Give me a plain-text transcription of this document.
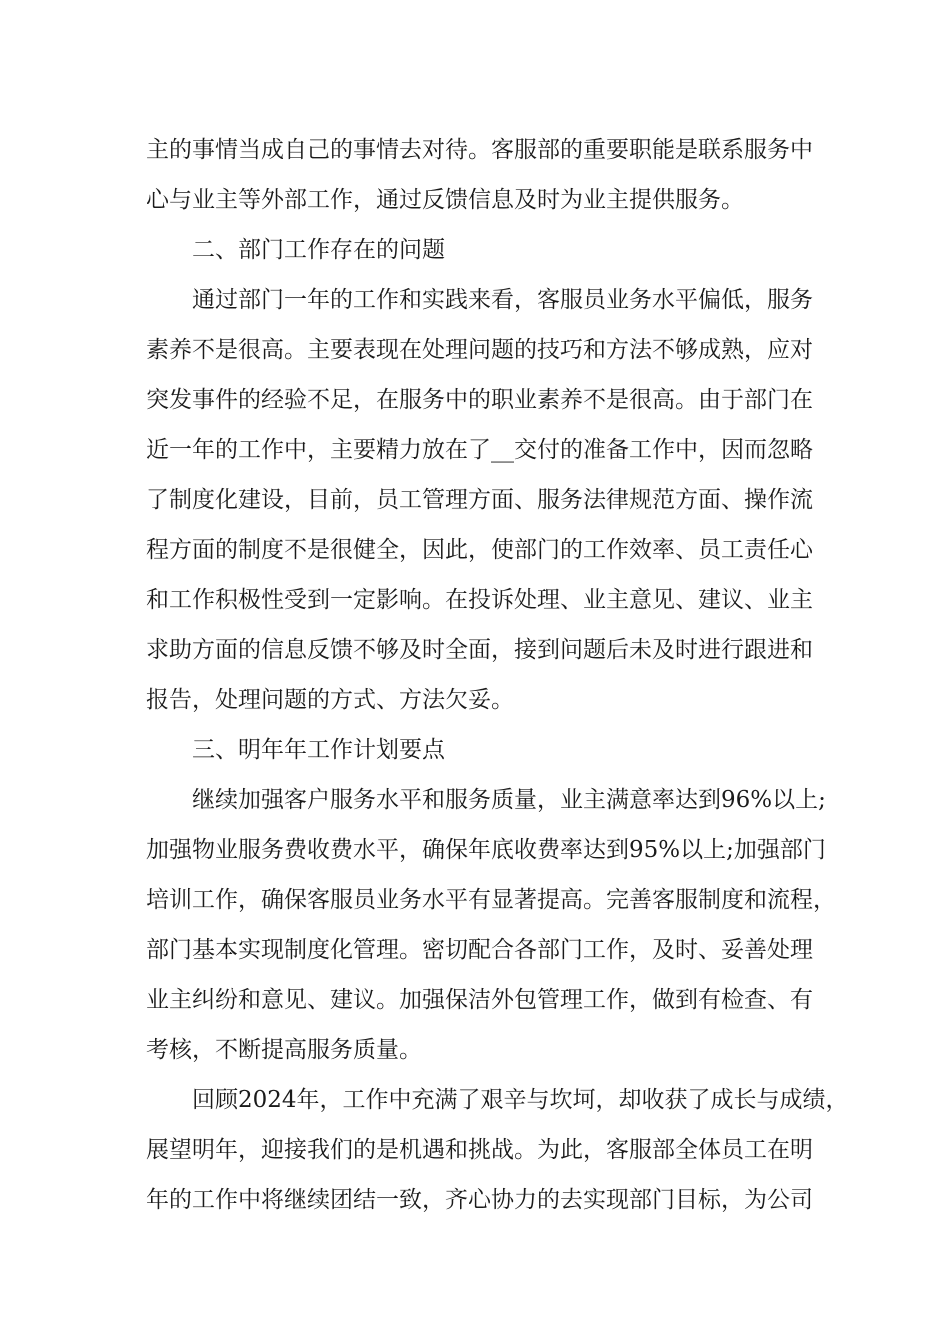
主的事情当成自己的事情去对待。客服部的重要职能是联系服务中
心与业主等外部工作，通过反馈信息及时为业主提供服务。
二、部门工作存在的问题
通过部门一年的工作和实践来看，客服员业务水平偏低，服务
素养不是很高。主要表现在处理问题的技巧和方法不够成熟，应对
突发事件的经验不足，在服务中的职业素养不是很高。由于部门在
近一年的工作中，主要精力放在了__交付的准备工作中，因而忽略
了制度化建设，目前，员工管理方面、服务法律规范方面、操作流
程方面的制度不是很健全，因此，使部门的工作效率、员工责任心
和工作积极性受到一定影响。在投诉处理、业主意见、建议、业主
求助方面的信息反馈不够及时全面，接到问题后未及时进行跟进和
报告，处理问题的方式、方法欠妥。
三、明年年工作计划要点
继续加强客户服务水平和服务质量，业主满意率达到96%以上;
加强物业服务费收费水平，确保年底收费率达到95%以上;加强部门
培训工作，确保客服员业务水平有显著提高。完善客服制度和流程，
部门基本实现制度化管理。密切配合各部门工作，及时、妥善处理
业主纠纷和意见、建议。加强保洁外包管理工作，做到有检查、有
考核，不断提高服务质量。
回顾2024年，工作中充满了艰辛与坎坷，却收获了成长与成绩，
展望明年，迎接我们的是机遇和挑战。为此，客服部全体员工在明
年的工作中将继续团结一致，齐心协力的去实现部门目标，为公司
